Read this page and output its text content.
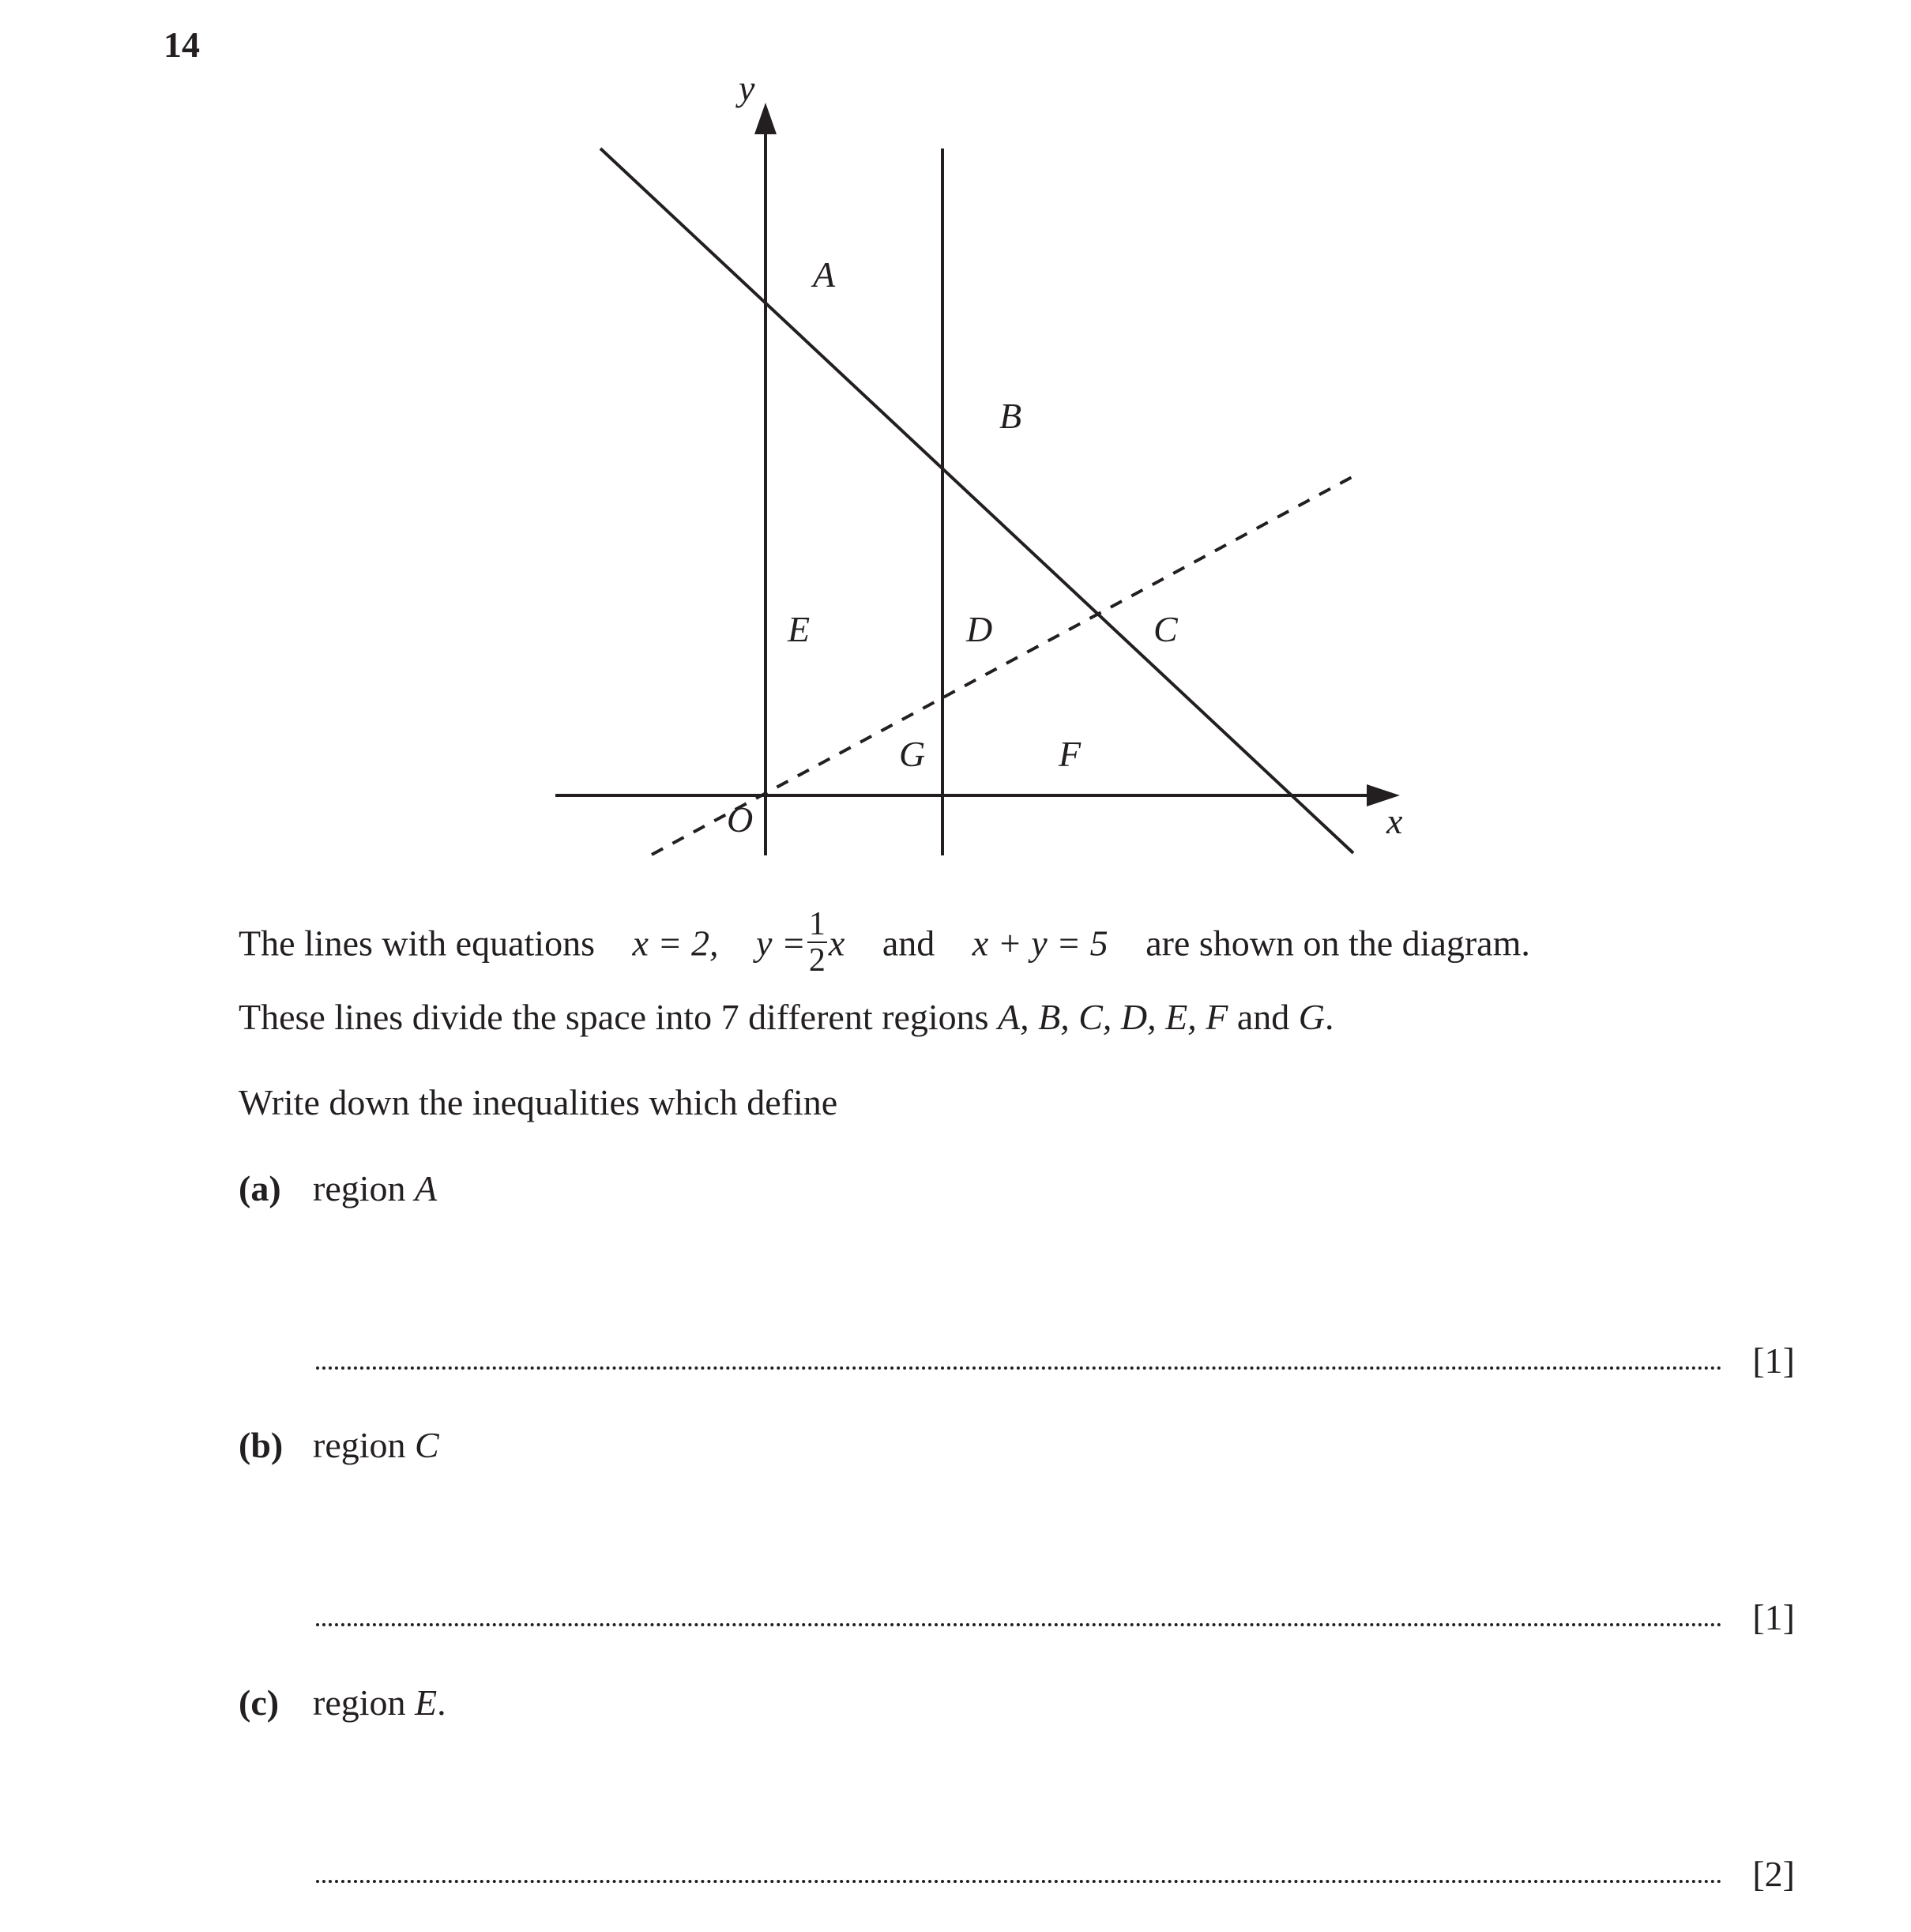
14
y
x
O
A
B
C
D
E
F
G
The lines with equations x = 2, $y = \frac{1}{2}$ x and x + y = 5 are shown on the diagram.
These lines divide the space into 7 different regions A, B, C, D, E, F and G.
Write down the inequalities which define
(a) region A
[1]
(b) region C
[1]
(c) region E.
[2]
